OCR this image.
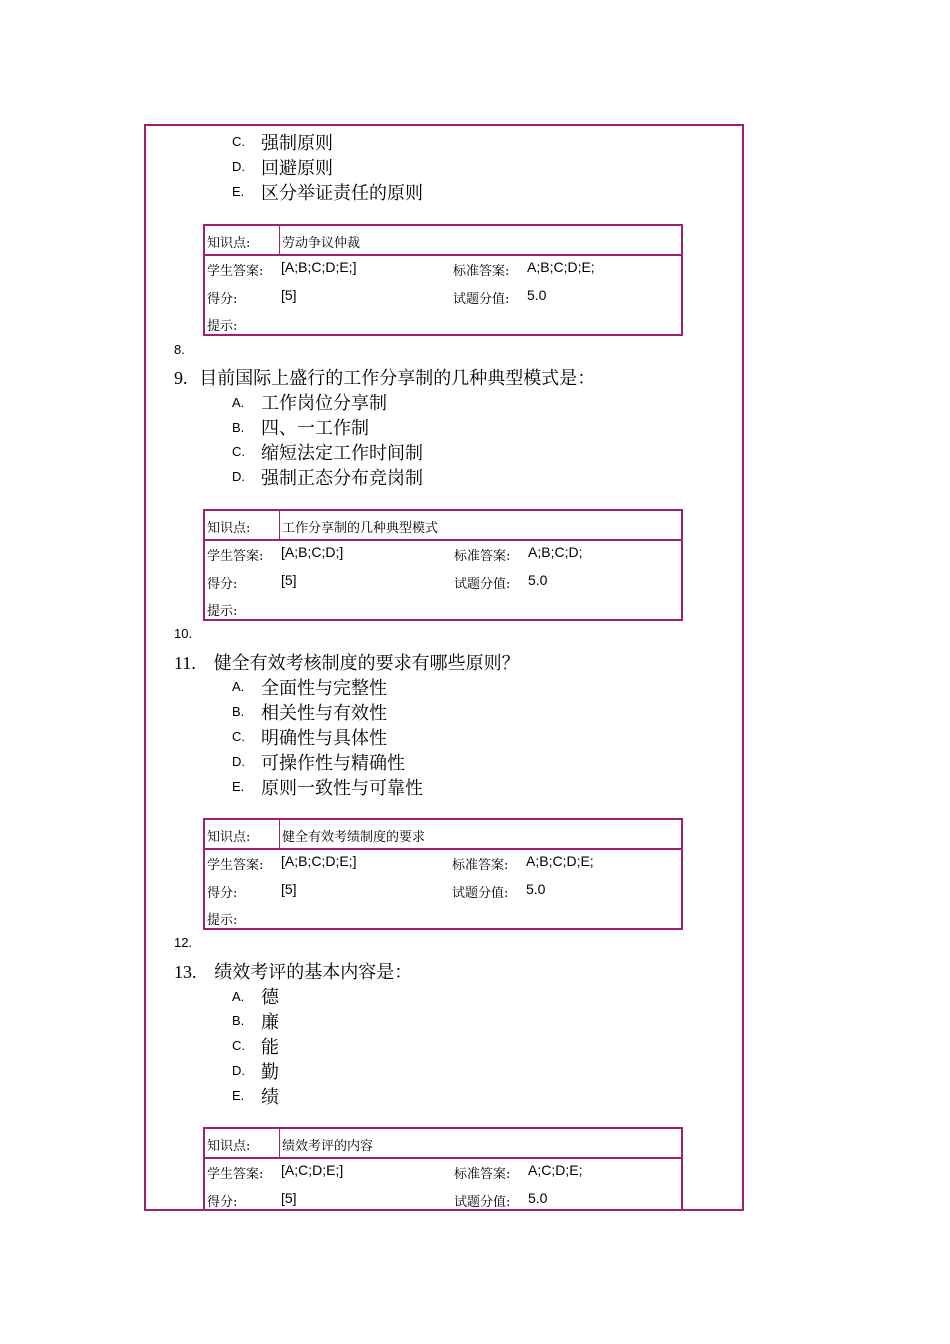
C. 强制原则
D. 回避原则
E. 区分举证责任的原则
知识点: 劳动争议仲裁
学生答案: [A;B;C;D;E;]	标准答案: A;B;C;D;E;
得分:	[5]	试题分值: 5.0
提示:
8.
9. 目前国际上盛行的工作分享制的几种典型模式是：
A. 工作岗位分享制
B. 四、一工作制
C. 缩短法定工作时间制
D. 强制正态分布竞岗制
知识点: 工作分享制的几种典型模式
学生答案: [A;B;C;D;]	标准答案: A;B;C;D;
得分:	[5]	试题分值: 5.0
提示:
10.
11. 健全有效考核制度的要求有哪些原则？
A. 全面性与完整性
B. 相关性与有效性
C. 明确性与具体性
D. 可操作性与精确性
E. 原则一致性与可靠性
知识点: 健全有效考绩制度的要求
学生答案: [A;B;C;D;E;]	标准答案: A;B;C;D;E;
得分:	[5]	试题分值: 5.0
提示:
12.
13. 绩效考评的基本内容是：
A. 德
B. 廉
C. 能
D. 勤
E. 绩
知识点: 绩效考评的内容
学生答案: [A;C;D;E;]	标准答案: A;C;D;E;
得分:	[5]	试题分值: 5.0
